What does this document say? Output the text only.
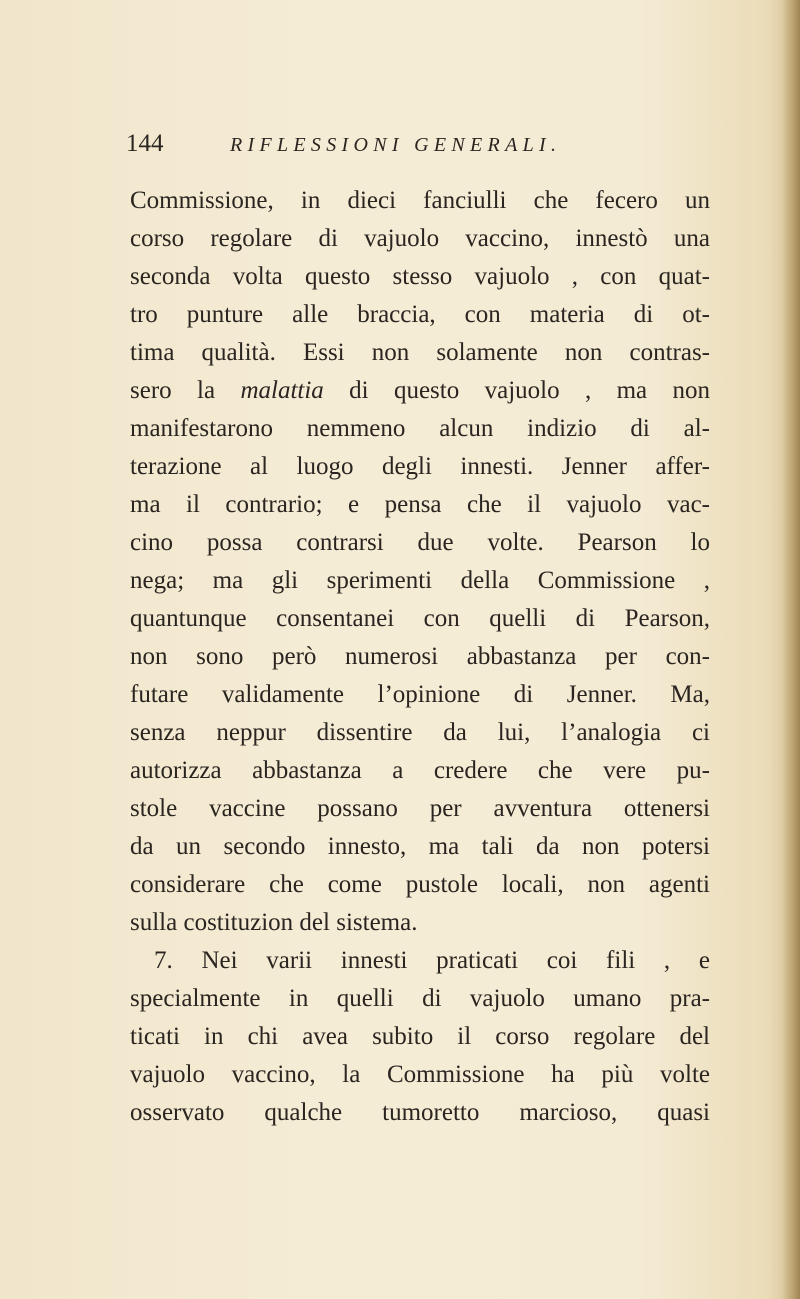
144	RIFLESSIONI GENERALI.
Commissione, in dieci fanciulli che fecero un
corso regolare di vajuolo vaccino, innestò una
seconda volta questo stesso vajuolo , con quat-
tro punture alle braccia, con materia di ot-
tima qualità. Essi non solamente non contras-
sero la malattia di questo vajuolo , ma non
manifestarono nemmeno alcun indizio di al-
terazione al luogo degli innesti. Jenner affer-
ma il contrario; e pensa che il vajuolo vac-
cino possa contrarsi due volte. Pearson lo
nega; ma gli sperimenti della Commissione ,
quantunque consentanei con quelli di Pearson,
non sono però numerosi abbastanza per con-
futare validamente l’opinione di Jenner. Ma,
senza neppur dissentire da lui, l’analogia ci
autorizza abbastanza a credere che vere pu-
stole vaccine possano per avventura ottenersi
da un secondo innesto, ma tali da non potersi
considerare che come pustole locali, non agenti
sulla costituzion del sistema.
7. Nei varii innesti praticati coi fili , e
specialmente in quelli di vajuolo umano pra-
ticati in chi avea subito il corso regolare del
vajuolo vaccino, la Commissione ha più volte
osservato qualche tumoretto marcioso, quasi
